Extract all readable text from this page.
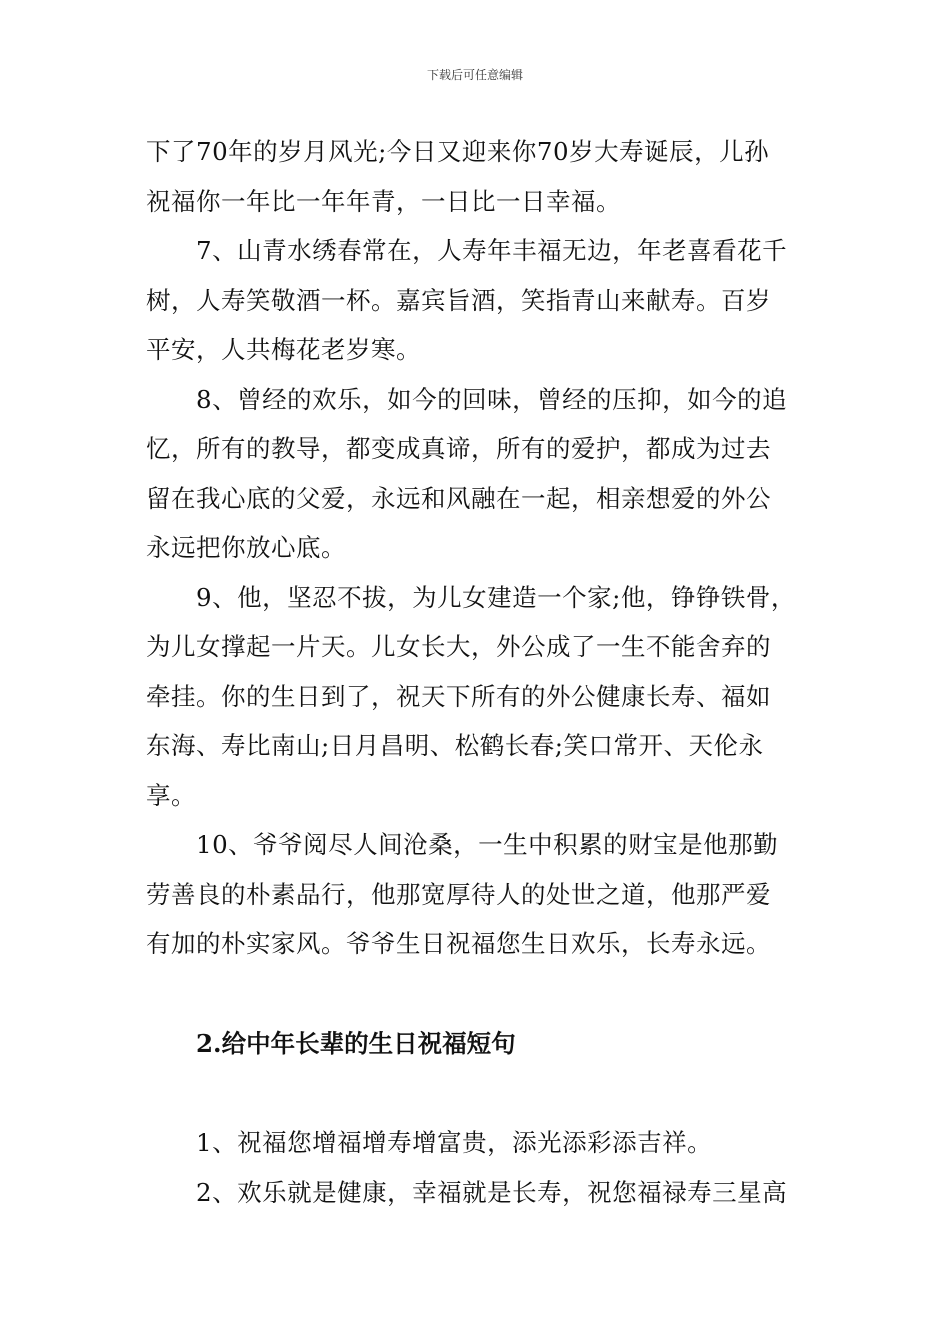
下载后可任意编辑

下了70年的岁月风光;今日又迎来你70岁大寿诞辰，儿孙
祝福你一年比一年年青，一日比一日幸福。

7、山青水绣春常在，人寿年丰福无边，年老喜看花千
树，人寿笑敬酒一杯。嘉宾旨酒，笑指青山来献寿。百岁
平安，人共梅花老岁寒。

8、曾经的欢乐，如今的回味，曾经的压抑，如今的追
忆，所有的教导，都变成真谛，所有的爱护，都成为过去
留在我心底的父爱，永远和风融在一起，相亲想爱的外公
永远把你放心底。

9、他，坚忍不拔，为儿女建造一个家;他，铮铮铁骨，
为儿女撑起一片天。儿女长大，外公成了一生不能舍弃的
牵挂。你的生日到了，祝天下所有的外公健康长寿、福如
东海、寿比南山;日月昌明、松鹤长春;笑口常开、天伦永
享。

10、爷爷阅尽人间沧桑，一生中积累的财宝是他那勤
劳善良的朴素品行，他那宽厚待人的处世之道，他那严爱
有加的朴实家风。爷爷生日祝福您生日欢乐，长寿永远。

2.给中年长辈的生日祝福短句

1、祝福您增福增寿增富贵，添光添彩添吉祥。

2、欢乐就是健康，幸福就是长寿，祝您福禄寿三星高
